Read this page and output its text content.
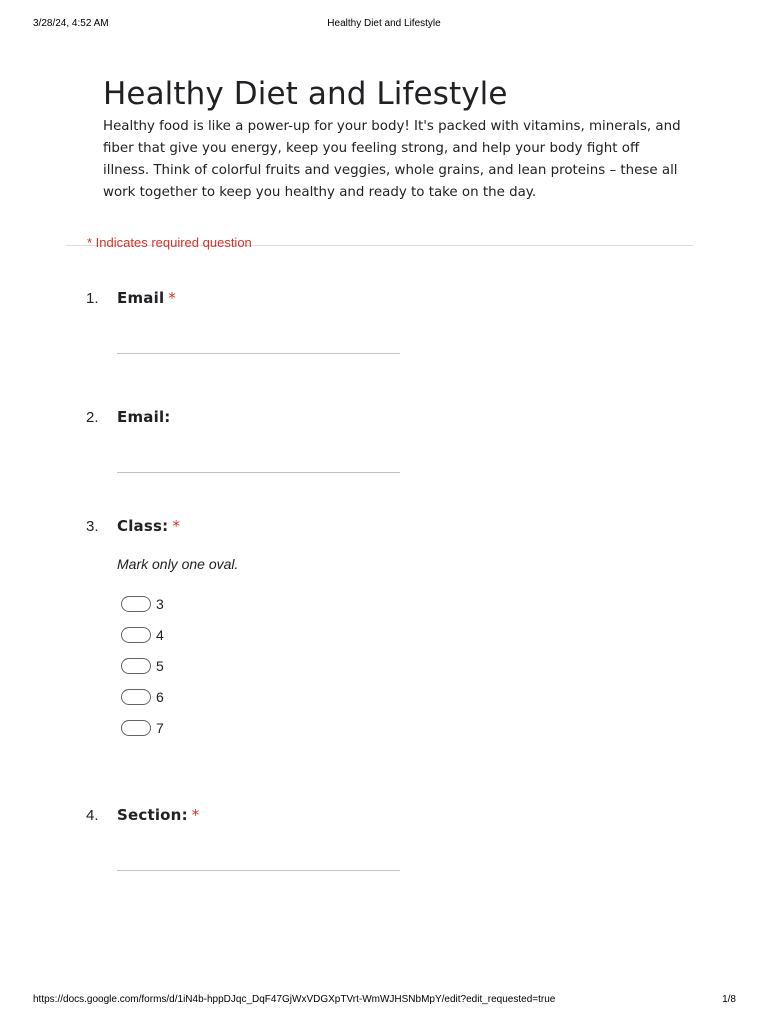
3/28/24, 4:52 AM	Healthy Diet and Lifestyle
Healthy Diet and Lifestyle

Healthy food is like a power-up for your body! It's packed with vitamins, minerals, and fiber that give you energy, keep you feeling strong, and help your body fight off illness. Think of colorful fruits and veggies, whole grains, and lean proteins – these all work together to keep you healthy and ready to take on the day.

* Indicates required question
1. Email *
2. Email:
3. Class: *
Mark only one oval.
3
4
5
6
7
4. Section: *
https://docs.google.com/forms/d/1iN4b-hppDJqc_DqF47GjWxVDGXpTVrt-WmWJHSNbMpY/edit?edit_requested=true	1/8
